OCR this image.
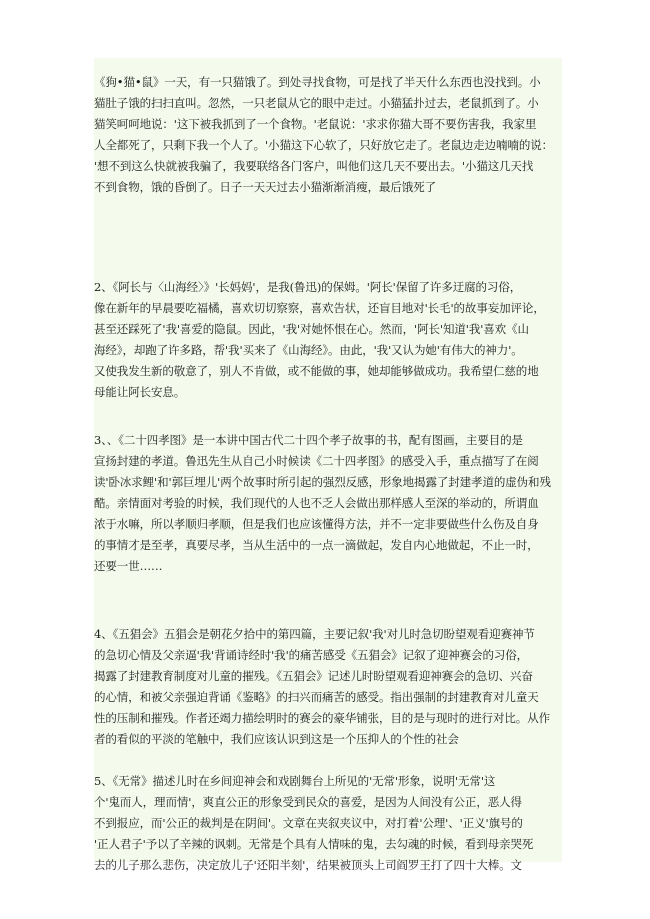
《狗•猫•鼠》一天，有一只猫饿了。到处寻找食物，可是找了半天什么东西也没找到。小
猫肚子饿的扫扫直叫。忽然，一只老鼠从它的眼中走过。小猫猛扑过去，老鼠抓到了。小
猫笑呵呵地说：'这下被我抓到了一个食物。'老鼠说：'求求你猫大哥不要伤害我，我家里
人全都死了，只剩下我一个人了。'小猫这下心软了，只好放它走了。老鼠边走边喃喃的说：
'想不到这么快就被我骗了，我要联络各门客户，叫他们这几天不要出去。'小猫这几天找
不到食物，饿的昏倒了。日子一天天过去小猫渐渐消瘦，最后饿死了
2、《阿长与〈山海经〉》'长妈妈'，是我(鲁迅)的保姆。'阿长'保留了许多迂腐的习俗，
像在新年的早晨要吃福橘，喜欢切切察察，喜欢告状，还盲目地对'长毛'的故事妄加评论，
甚至还踩死了'我'喜爱的隐鼠。因此，'我'对她怀恨在心。然而，'阿长'知道'我'喜欢《山
海经》，却跑了许多路，帮'我'买来了《山海经》。由此，'我'又认为她'有伟大的神力'。
又使我发生新的敬意了，别人不肯做，或不能做的事，她却能够做成功。我希望仁慈的地
母能让阿长安息。
3、、《二十四孝图》是一本讲中国古代二十四个孝子故事的书，配有图画，主要目的是
宣扬封建的孝道。鲁迅先生从自己小时候读《二十四孝图》的感受入手，重点描写了在阅
读'卧冰求鲤'和'郭巨埋儿'两个故事时所引起的强烈反感，形象地揭露了封建孝道的虚伪和残
酷。亲情面对考验的时候，我们现代的人也不乏人会做出那样感人至深的举动的，所谓血
浓于水嘛，所以孝顺归孝顺，但是我们也应该懂得方法，并不一定非要做些什么伤及自身
的事情才是至孝，真要尽孝，当从生活中的一点一滴做起，发自内心地做起，不止一时，
还要一世……
4、《五猖会》五猖会是朝花夕拾中的第四篇，主要记叙'我'对儿时急切盼望观看迎赛神节
的急切心情及父亲逼'我'背诵诗经时'我'的痛苦感受《五猖会》记叙了迎神赛会的习俗，
揭露了封建教育制度对儿童的摧残。《五猖会》记述儿时盼望观看迎神赛会的急切、兴奋
的心情，和被父亲强迫背诵《鉴略》的扫兴而痛苦的感受。指出强制的封建教育对儿童天
性的压制和摧残。作者还竭力描绘明时的赛会的豪华铺张，目的是与现时的进行对比。从作
者的看似的平淡的笔触中，我们应该认识到这是一个压抑人的个性的社会
5、《无常》描述儿时在乡间迎神会和戏剧舞台上所见的'无常'形象，说明'无常'这
个'鬼而人，理而情'，爽直公正的形象受到民众的喜爱，是因为人间没有公正，恶人得
不到报应，而'公正的裁判是在阴间'。文章在夹叙夹议中，对打着'公理'、'正义'旗号的
'正人君子'予以了辛辣的讽刺。无常是个具有人情味的鬼，去勾魂的时候，看到母亲哭死
去的儿子那么悲伤，决定放儿子'还阳半刻'，结果被顶头上司阎罗王打了四十大棒。文
